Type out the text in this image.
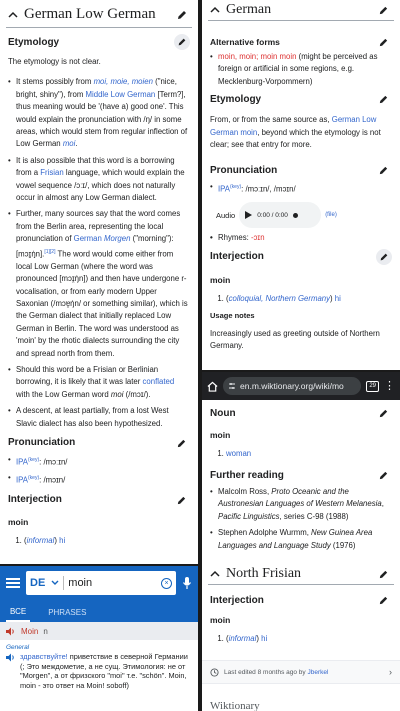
German Low German
Etymology

The etymology is not clear.

• It stems possibly from moi, moie, moien ("nice, bright, shiny"), from Middle Low German [Term?], thus meaning would be '(have a) good one'. This would explain the pronunciation with /ŋ/ in some areas, which would stem from regular inflection of Low German moi.
• It is also possible that this word is a borrowing from a Frisian language, which would explain the vowel sequence /ɔːɪ/, which does not naturally occur in almost any Low German dialect.
• Further, many sources say that the word comes from the Berlin area, representing the local pronunciation of German Morgen ("morning"): [mɔɪ̯ŋ̍n].[1][2] The word would come either from local Low German (where the word was pronounced [mɔɪ̯ŋ̍n]) and then have undergone r-vocalisation, or from early modern Upper Saxonian (/mɔɐ̯ŋ̍n/ or something similar), which is the German dialect that initially replaced Low German in Berlin. The word was understood as 'moin' by the rhotic dialects surrounding the city and spread north from them.
• Should this word be a Frisian or Berlinian borrowing, it is likely that it was later conflated with the Low German word moi (/mɔɪ/).
• A descent, at least partially, from a lost West Slavic dialect has also been hypothesized.
Pronunciation
• $IPA^{(key)}$: /mɔːɪn/
• $IPA^{(key)}$: /mɔɪn/
Interjection
moin
1. (informal) hi
DE moin	×
ВСЕ	PHRASES
Moin n
General
здравствуйте! приветствие в северной Германии (; Это междометие, а не сущ. Этимология: не от "Morgen", а от фризского "moi" т.е. "schön". Moin, moin - это ответ на Moin! soboff)
German
Alternative forms
• moin, moin; moin moin (might be perceived as foreign or artificial in some regions, e.g. Mecklenburg-Vorpommern)
Etymology

From, or from the same source as, German Low German moin, beyond which the etymology is not clear; see that entry for more.

Pronunciation
• $IPA^{(key)}$: /mɔːɪn/, /mɔɪn/
Audio	0:00 / 0:00	(file)
• Rhymes: -ɔɪn
Interjection
moin
1. (colloquial, Northern Germany) hi
Usage notes

Increasingly used as greeting outside of Northern Germany.

en.m.wiktionary.org/wiki/mo	29 ⋮
Noun
moin
1. woman
Further reading
• Malcolm Ross, Proto Oceanic and the Austronesian Languages of Western Melanesia, Pacific Linguistics, series C-98 (1988)
• Stephen Adolphe Wurmm, New Guinea Area Languages and Language Study (1976)
North Frisian
Interjection
moin
1. (informal) hi
Last edited 8 months ago by Jberkel	›
Wiktionary
